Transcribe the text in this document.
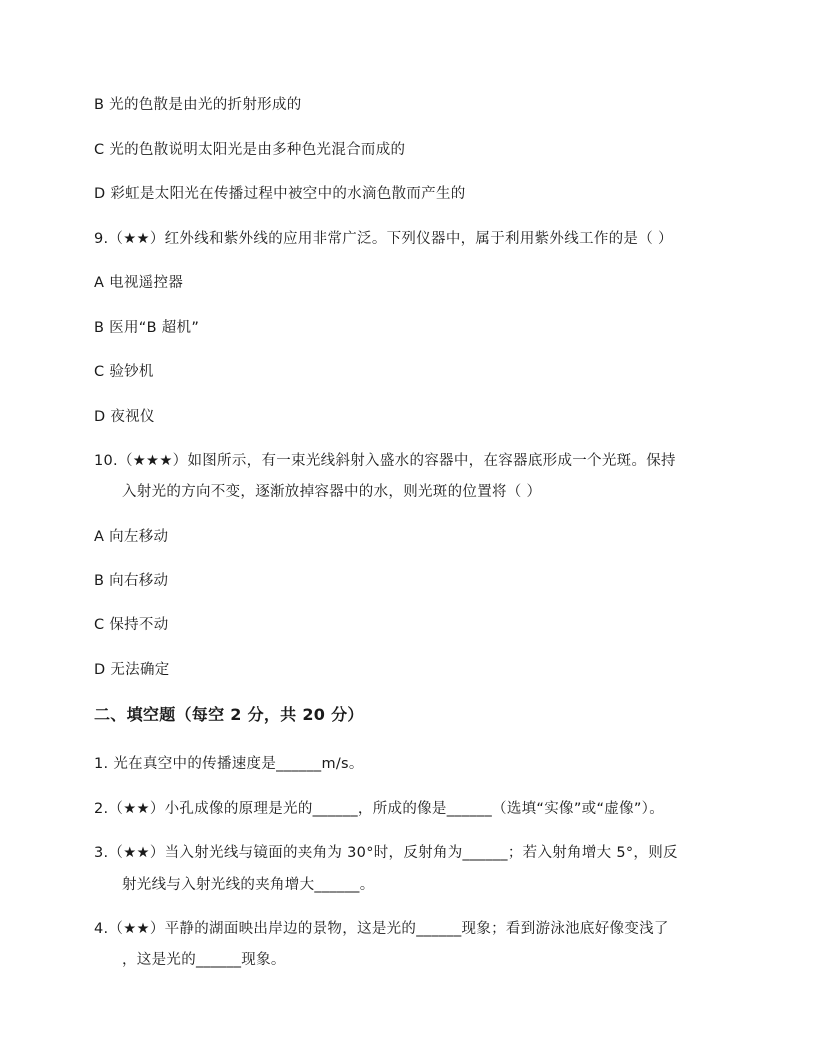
B 光的色散是由光的折射形成的
C 光的色散说明太阳光是由多种色光混合而成的
D 彩虹是太阳光在传播过程中被空中的水滴色散而产生的
9.（★★）红外线和紫外线的应用非常广泛。下列仪器中，属于利用紫外线工作的是（ ）
A 电视遥控器
B 医用“B 超机”
C 验钞机
D 夜视仪
10.（★★★）如图所示，有一束光线斜射入盛水的容器中，在容器底形成一个光斑。保持
入射光的方向不变，逐渐放掉容器中的水，则光斑的位置将（ ）
A 向左移动
B 向右移动
C 保持不动
D 无法确定
二、填空题（每空 2 分，共 20 分）
1. 光在真空中的传播速度是______m/s。
2.（★★）小孔成像的原理是光的______，所成的像是______（选填“实像”或“虚像”）。
3.（★★）当入射光线与镜面的夹角为 30°时，反射角为______；若入射角增大 5°，则反
射光线与入射光线的夹角增大______。
4.（★★）平静的湖面映出岸边的景物，这是光的______现象；看到游泳池底好像变浅了
，这是光的______现象。
